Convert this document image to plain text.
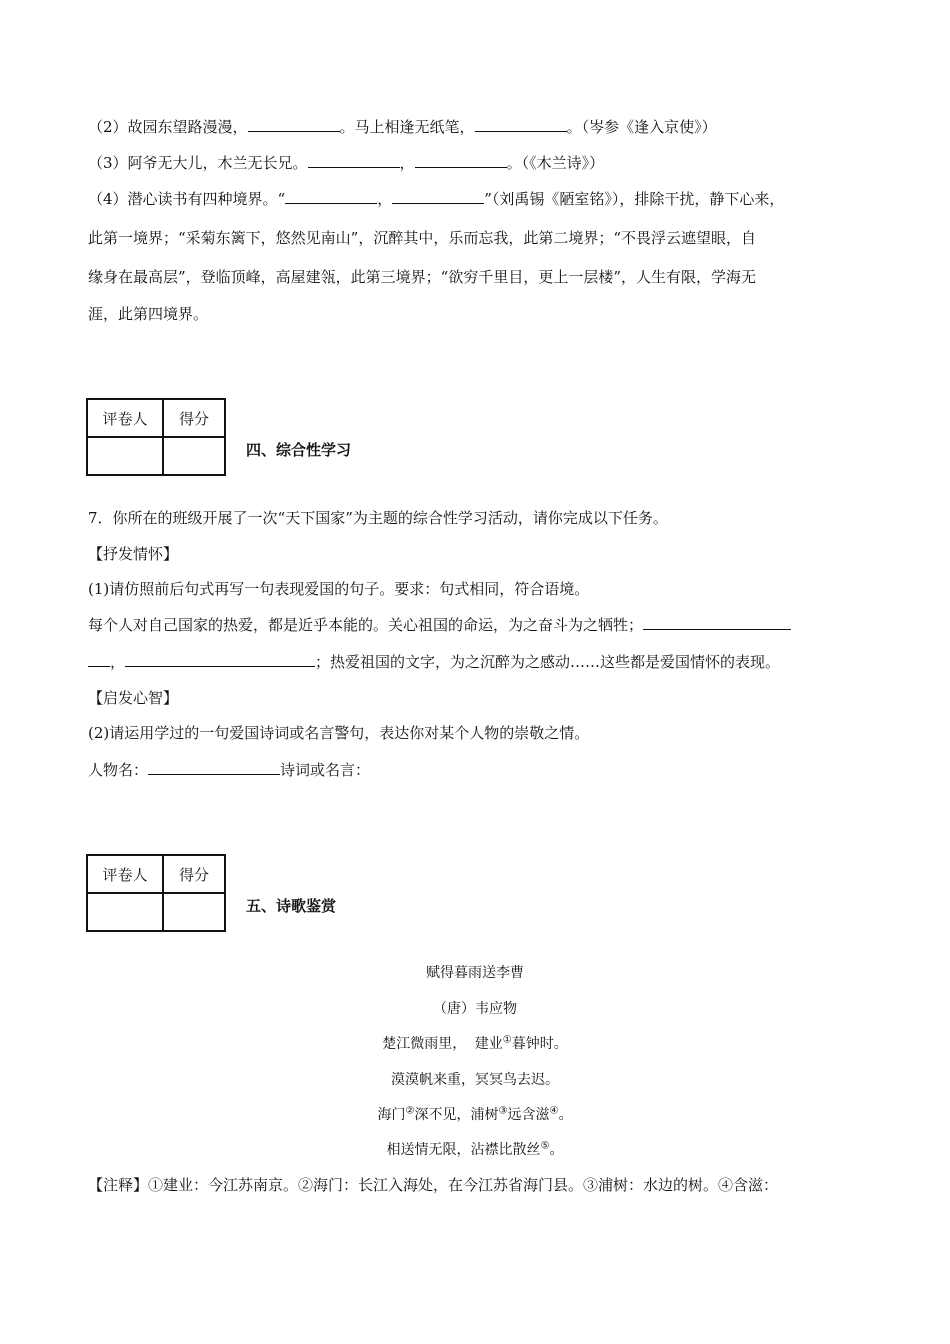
（2）故园东望路漫漫，	。马上相逢无纸笔，	。（岑参《逢入京使》）
（3）阿爷无大儿，木兰无长兄。	，	。（《木兰诗》）
（4）潜心读书有四种境界。“	，	”（刘禹锡《陋室铭》），排除干扰，静下心来，
此第一境界；“采菊东篱下，悠然见南山”，沉醉其中，乐而忘我，此第二境界；“不畏浮云遮望眼，自
缘身在最高层”，登临顶峰，高屋建瓴，此第三境界；“欲穷千里目，更上一层楼”，人生有限，学海无
涯，此第四境界。
评卷人	得分

四、综合性学习
7．你所在的班级开展了一次“天下国家”为主题的综合性学习活动，请你完成以下任务。
【抒发情怀】
(1)请仿照前后句式再写一句表现爱国的句子。要求：句式相同，符合语境。
每个人对自己国家的热爱，都是近乎本能的。关心祖国的命运，为之奋斗为之牺牲；
，	；热爱祖国的文字，为之沉醉为之感动……这些都是爱国情怀的表现。
【启发心智】
(2)请运用学过的一句爱国诗词或名言警句，表达你对某个人物的崇敬之情。
人物名：	诗词或名言：
评卷人	得分

五、诗歌鉴赏
赋得暮雨送李曹
（唐）韦应物
楚江微雨里， 建业①暮钟时。
漠漠帆来重，冥冥鸟去迟。
海门②深不见，浦树③远含滋④。
相送情无限，沾襟比散丝⑤。
【注释】①建业：今江苏南京。②海门：长江入海处，在今江苏省海门县。③浦树：水边的树。④含滋：
